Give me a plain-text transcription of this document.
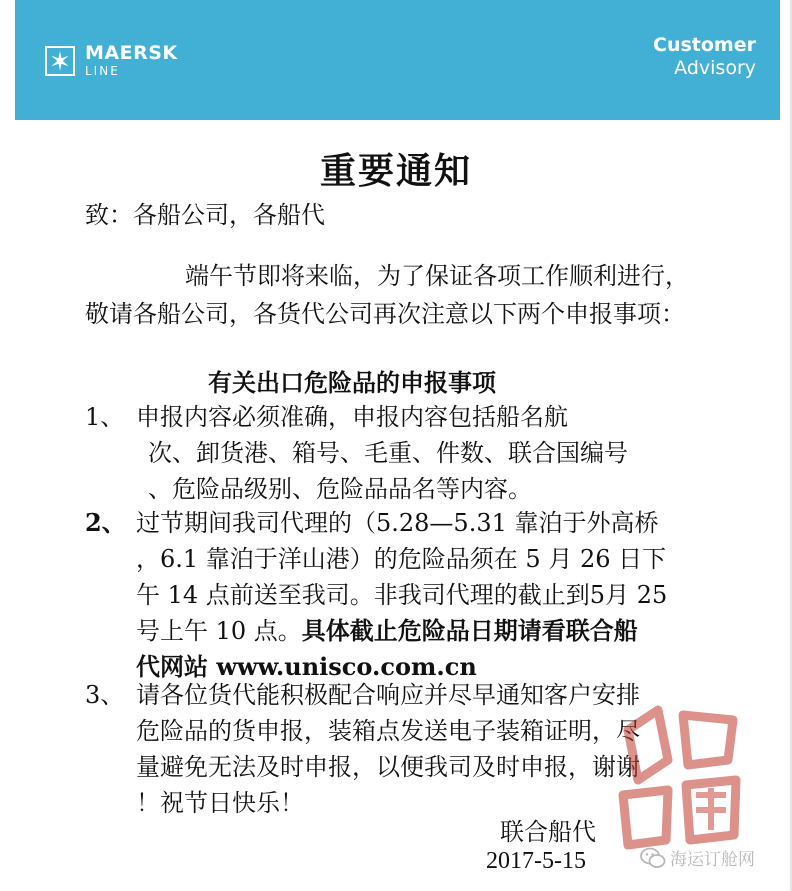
MAERSK
LINE
Customer
Advisory
重要通知
致：各船公司，各船代
端午节即将来临，为了保证各项工作顺利进行，敬请各船公司，各货代公司再次注意以下两个申报事项：
有关出口危险品的申报事项
1、 申报内容必须准确，申报内容包括船名航
次、卸货港、箱号、毛重、件数、联合国编号
、危险品级别、危险品品名等内容。
2、 过节期间我司代理的（5.28—5.31 靠泊于外高桥
，6.1 靠泊于洋山港）的危险品须在 5 月 26 日下
午 14 点前送至我司。非我司代理的截止到5月 25
号上午 10 点。具体截止危险品日期请看联合船
代网站 www.unisco.com.cn
3、 请各位货代能积极配合响应并尽早通知客户安排
危险品的货申报，装箱点发送电子装箱证明，尽
量避免无法及时申报，以便我司及时申报，谢谢
！祝节日快乐！
联合船代
2017-5-15	海运订舱网
